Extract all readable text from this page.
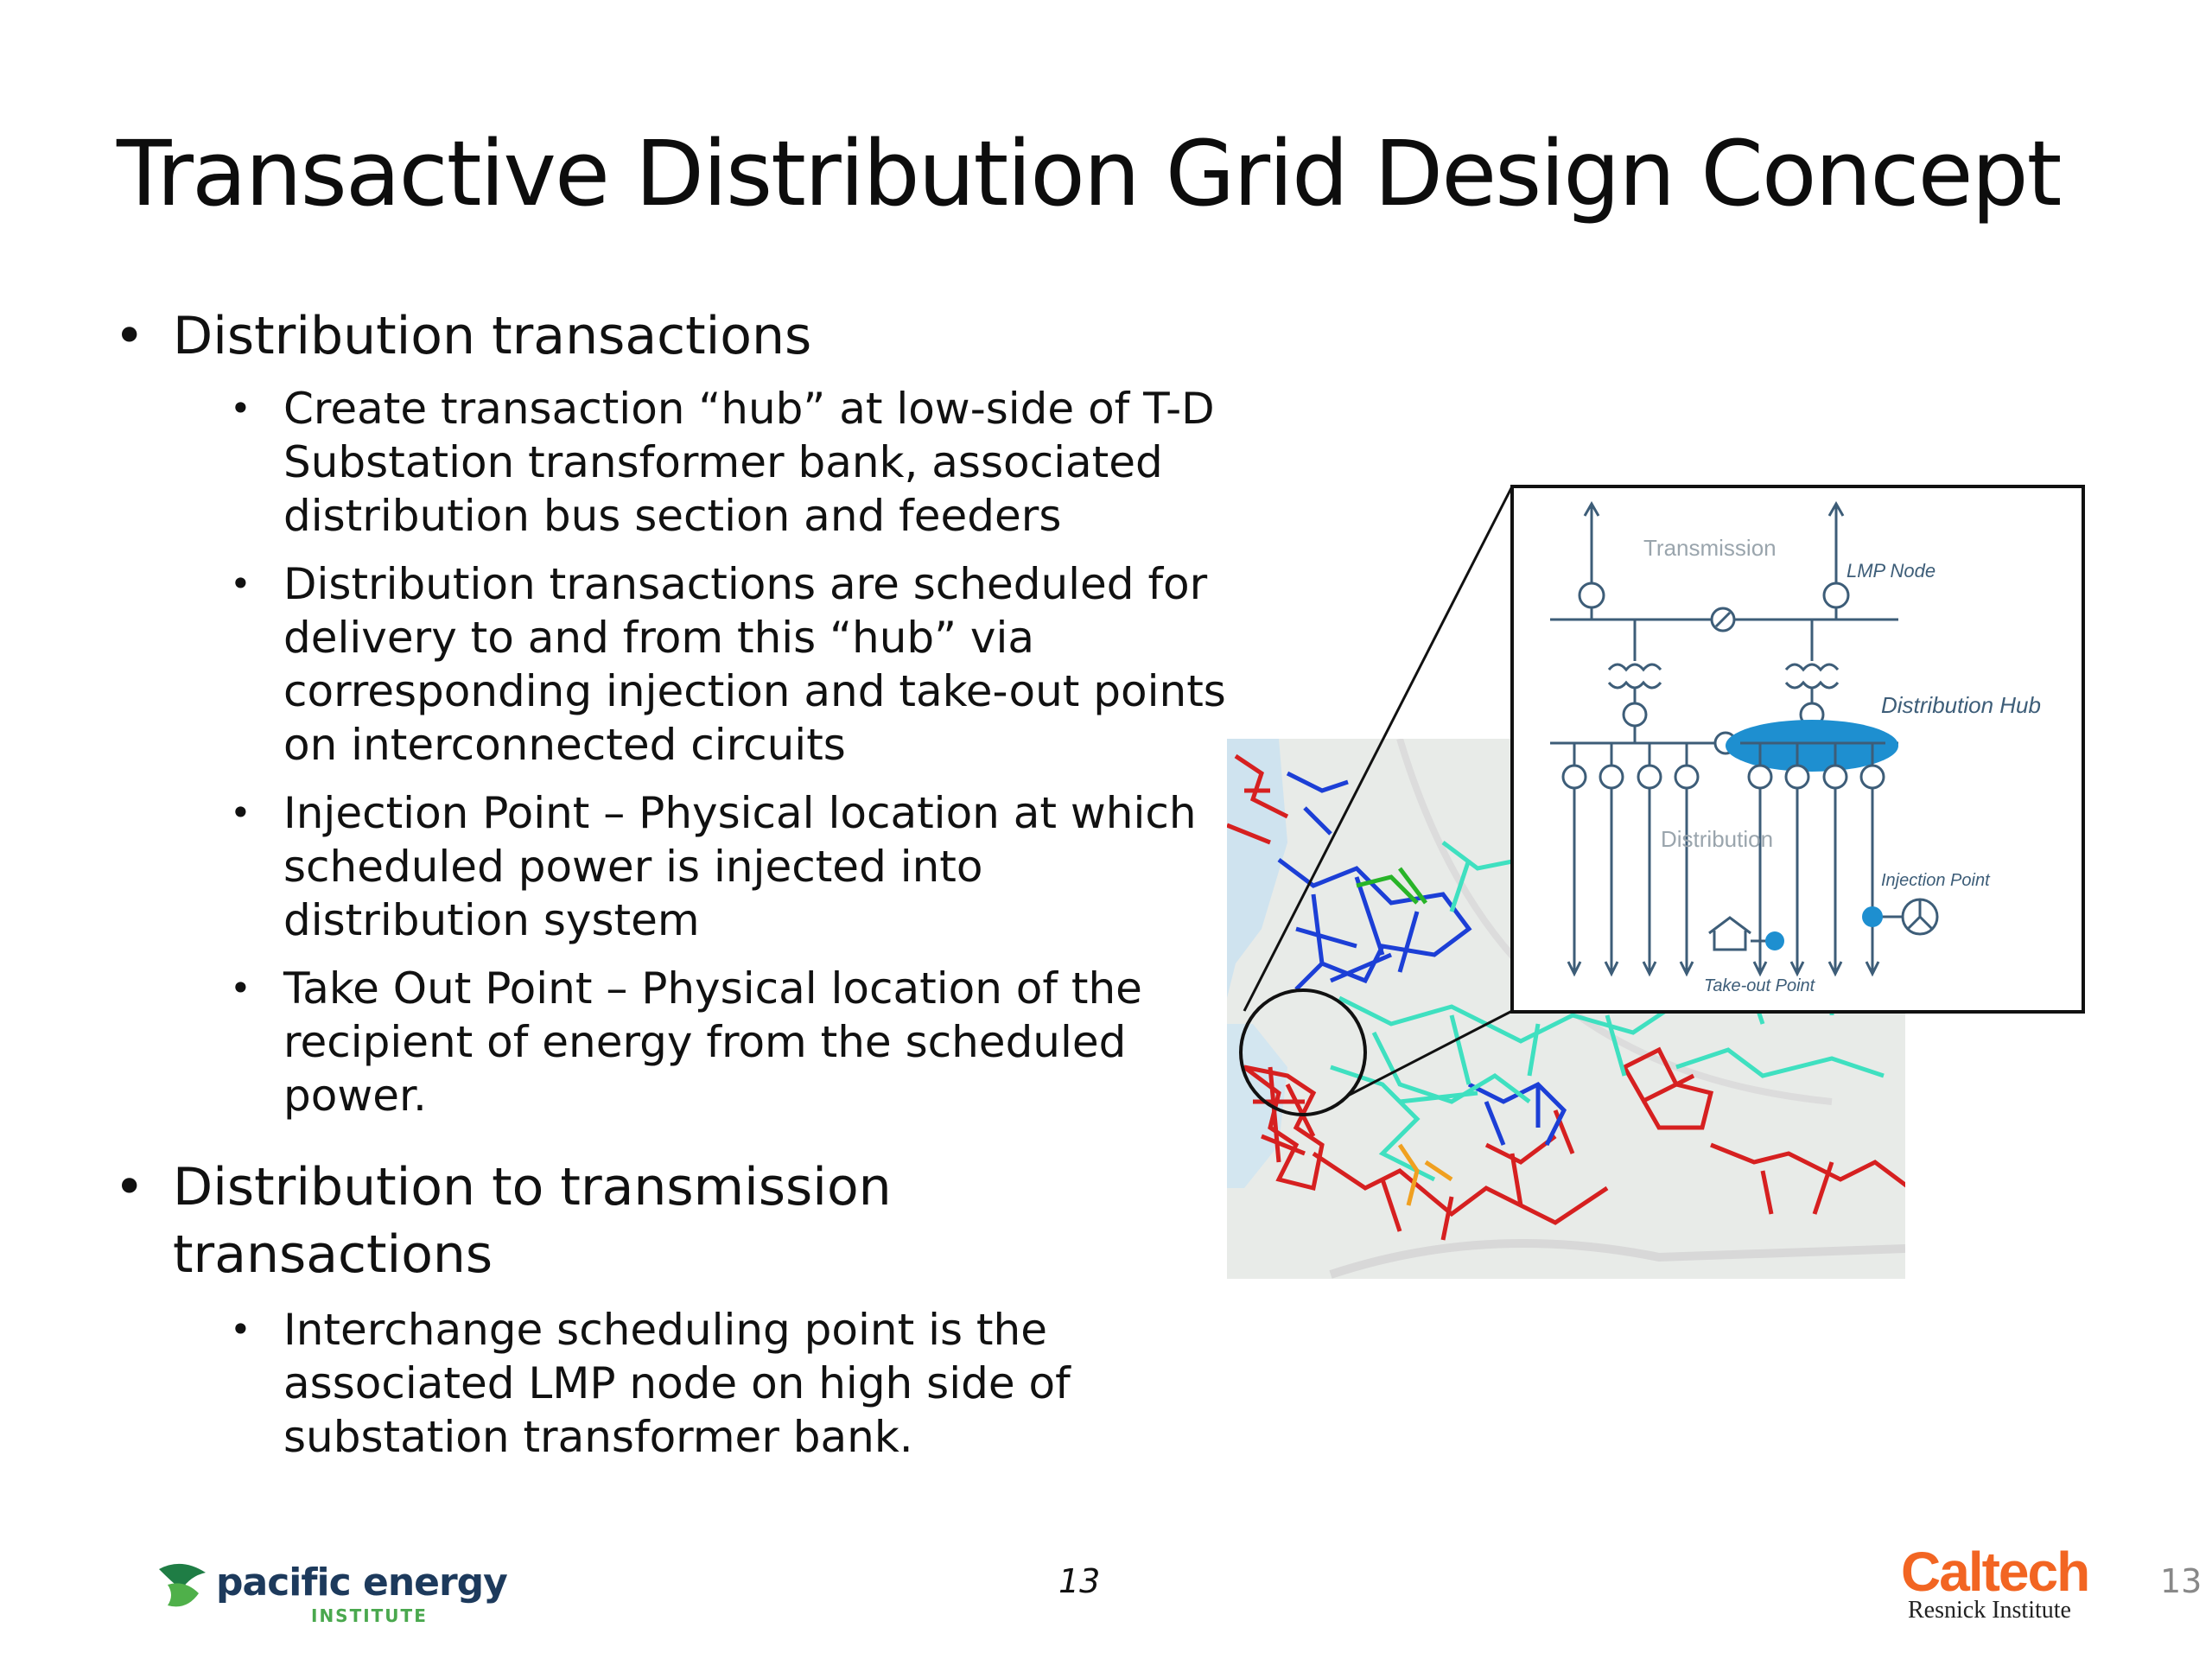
Transactive Distribution Grid Design Concept
• Distribution transactions
• Create transaction “hub” at low-side of T-D
Substation transformer bank, associated
distribution bus section and feeders
• Distribution transactions are scheduled for
delivery to and from this “hub” via
corresponding injection and take-out points
on interconnected circuits
• Injection Point – Physical location at which
scheduled power is injected into
distribution system
• Take Out Point – Physical location of the
recipient of energy from the scheduled
power.
• Distribution to transmission
transactions
• Interchange scheduling point is the
associated LMP node on high side of
substation transformer bank.
Transmission
LMP Node
Distribution Hub
Distribution
Injection Point
Take-out Point
pacific energy
INSTITUTE
13	Caltech
Resnick Institute
13
